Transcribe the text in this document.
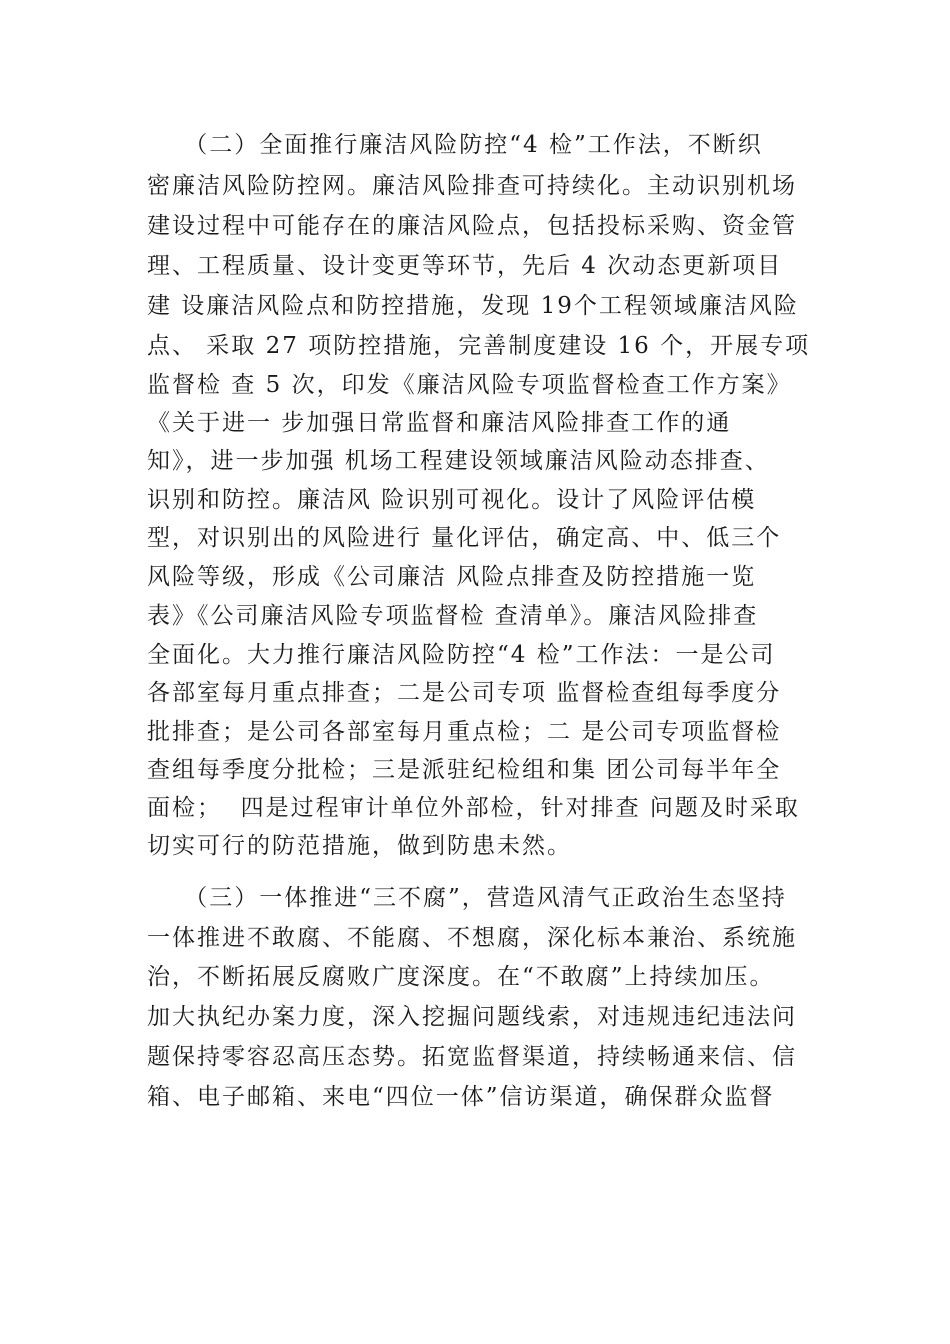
（二）全面推行廉洁风险防控“4 检”工作法，不断织
密廉洁风险防控网。廉洁风险排查可持续化。主动识别机场
建设过程中可能存在的廉洁风险点，包括投标采购、资金管
理、工程质量、设计变更等环节，先后 4 次动态更新项目
建 设廉洁风险点和防控措施，发现 19个工程领域廉洁风险
点、 采取 27 项防控措施，完善制度建设 16 个，开展专项
监督检 查 5 次，印发《廉洁风险专项监督检查工作方案》
《关于进一 步加强日常监督和廉洁风险排查工作的通
知》，进一步加强 机场工程建设领域廉洁风险动态排查、
识别和防控。廉洁风 险识别可视化。设计了风险评估模
型，对识别出的风险进行 量化评估，确定高、中、低三个
风险等级，形成《公司廉洁 风险点排查及防控措施一览
表》《公司廉洁风险专项监督检 查清单》。廉洁风险排查
全面化。大力推行廉洁风险防控“4 检”工作法：一是公司
各部室每月重点排查；二是公司专项 监督检查组每季度分
批排查；是公司各部室每月重点检；二 是公司专项监督检
查组每季度分批检；三是派驻纪检组和集 团公司每半年全
面检；  四是过程审计单位外部检，针对排查 问题及时采取
切实可行的防范措施，做到防患未然。
（三）一体推进“三不腐”，营造风清气正政治生态坚持
一体推进不敢腐、不能腐、不想腐，深化标本兼治、系统施
治，不断拓展反腐败广度深度。在“不敢腐”上持续加压。
加大执纪办案力度，深入挖掘问题线索，对违规违纪违法问
题保持零容忍高压态势。拓宽监督渠道，持续畅通来信、信
箱、电子邮箱、来电“四位一体”信访渠道，确保群众监督
